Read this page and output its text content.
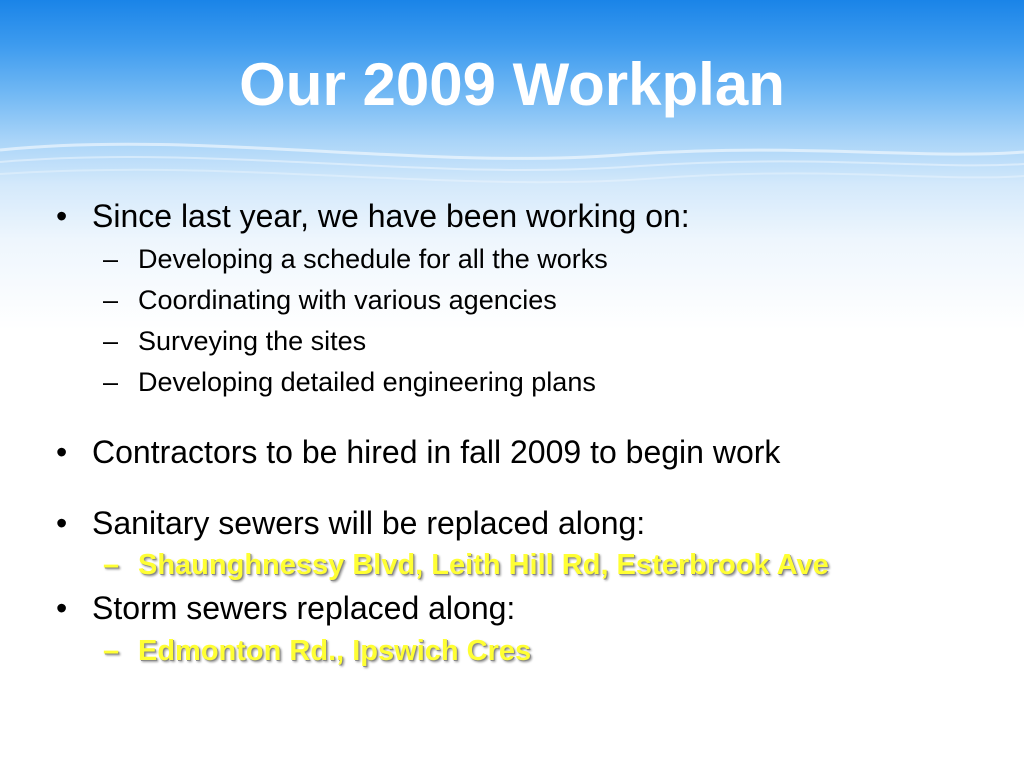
Our 2009 Workplan
• Since last year, we have been working on:
– Developing a schedule for all the works
– Coordinating with various agencies
– Surveying the sites
– Developing detailed engineering plans
• Contractors to be hired in fall 2009 to begin work
• Sanitary sewers will be replaced along:
– Shaunghnessy Blvd, Leith Hill Rd, Esterbrook Ave
• Storm sewers replaced along:
– Edmonton Rd., Ipswich Cres
